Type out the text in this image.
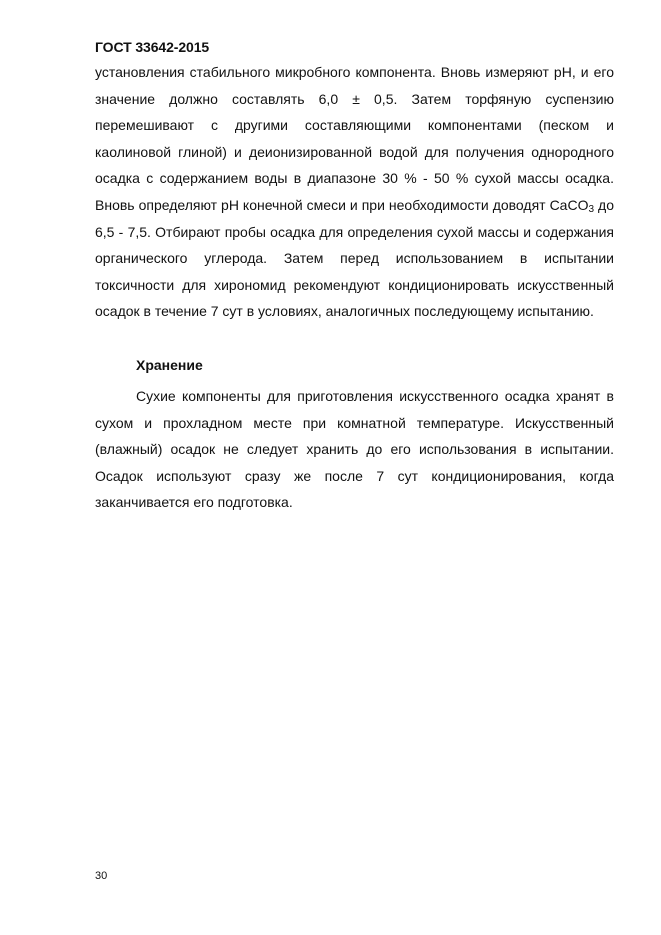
ГОСТ 33642-2015

установления стабильного микробного компонента. Вновь измеряют pH, и его значение должно составлять 6,0 ± 0,5. Затем торфяную суспензию перемешивают с другими составляющими компонентами (песком и каолиновой глиной) и деионизированной водой для получения однородного осадка с содержанием воды в диапазоне 30 % - 50 % сухой массы осадка. Вновь определяют pH конечной смеси и при необходимости доводят CaCO$_3$ до 6,5 - 7,5. Отбирают пробы осадка для определения сухой массы и содержания органического углерода. Затем перед использованием в испытании токсичности для хирономид рекомендуют кондиционировать искусственный осадок в течение 7 сут в условиях, аналогичных последующему испытанию.

Хранение

Сухие компоненты для приготовления искусственного осадка хранят в сухом и прохладном месте при комнатной температуре. Искусственный (влажный) осадок не следует хранить до его использования в испытании. Осадок используют сразу же после 7 сут кондиционирования, когда заканчивается его подготовка.

30
